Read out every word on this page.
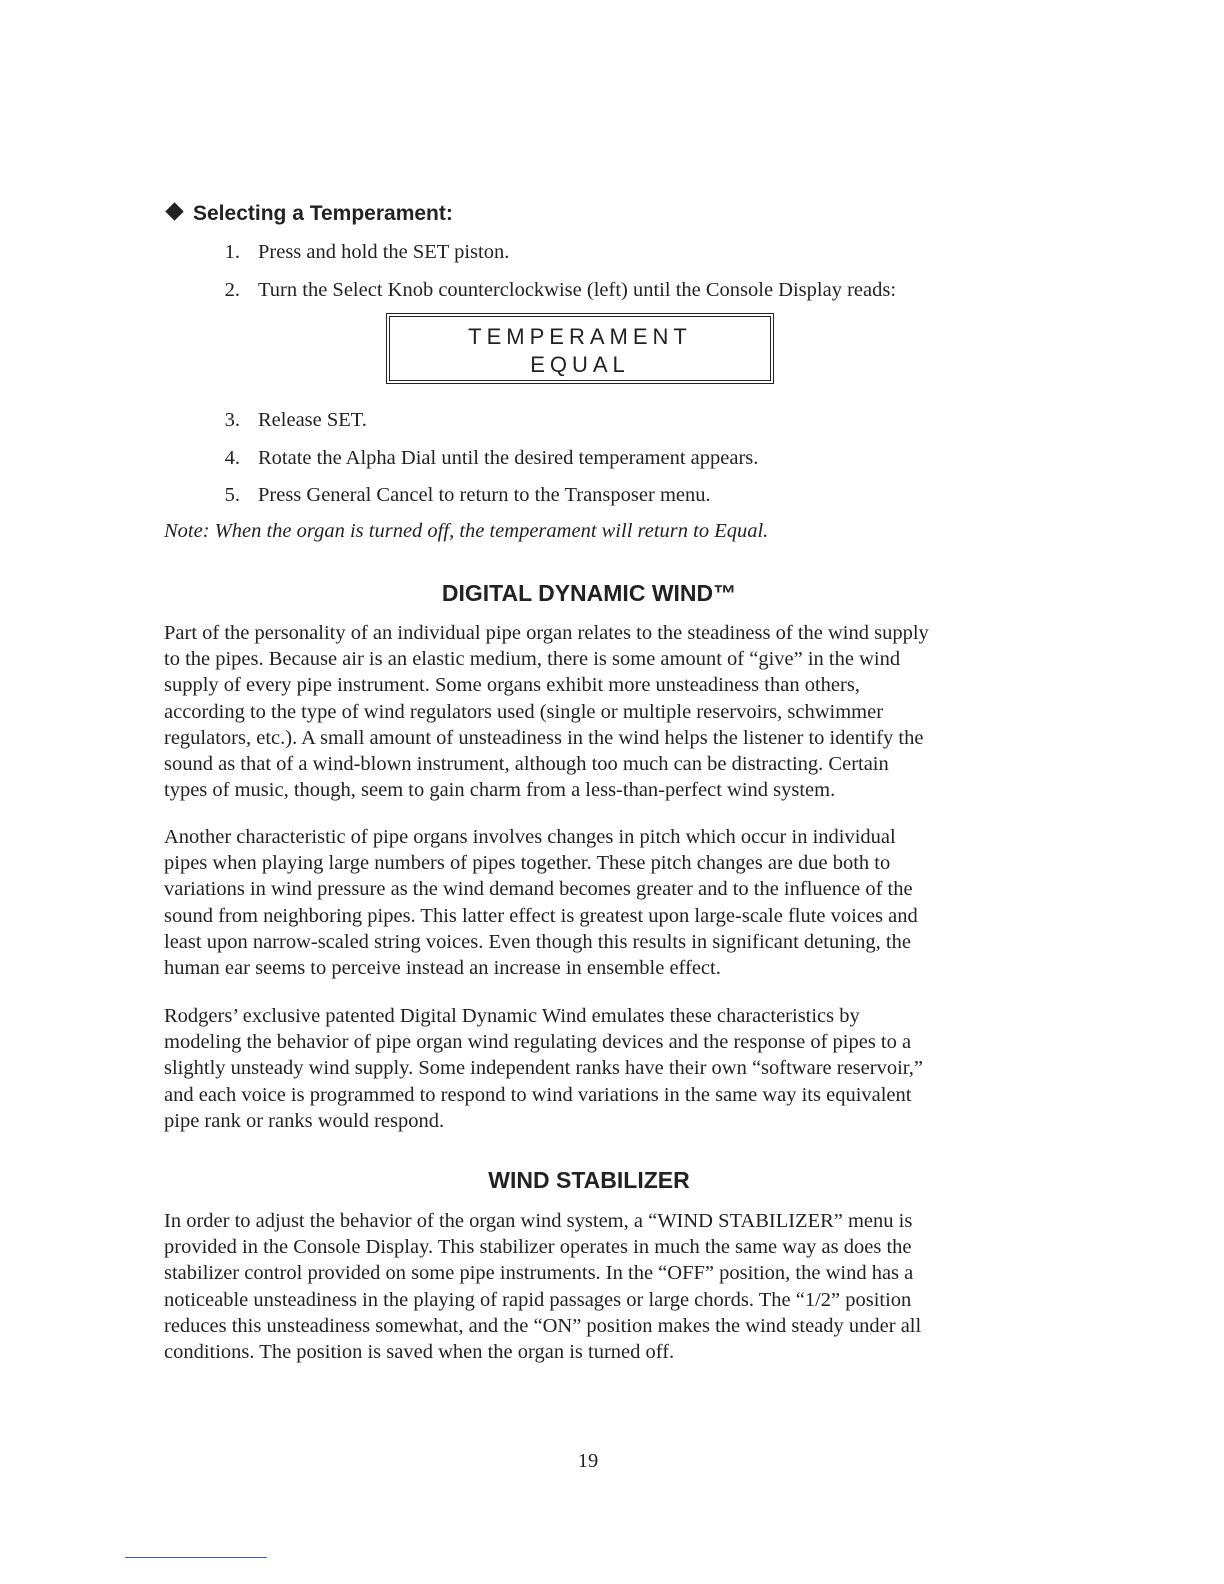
Selecting a Temperament:
1. Press and hold the SET piston.
2. Turn the Select Knob counterclockwise (left) until the Console Display reads:
TEMPERAMENT
EQUAL
3. Release SET.
4. Rotate the Alpha Dial until the desired temperament appears.
5. Press General Cancel to return to the Transposer menu.
Note: When the organ is turned off, the temperament will return to Equal.
DIGITAL DYNAMIC WIND™
Part of the personality of an individual pipe organ relates to the steadiness of the wind supply
to the pipes. Because air is an elastic medium, there is some amount of “give” in the wind
supply of every pipe instrument. Some organs exhibit more unsteadiness than others,
according to the type of wind regulators used (single or multiple reservoirs, schwimmer
regulators, etc.). A small amount of unsteadiness in the wind helps the listener to identify the
sound as that of a wind-blown instrument, although too much can be distracting. Certain
types of music, though, seem to gain charm from a less-than-perfect wind system.
Another characteristic of pipe organs involves changes in pitch which occur in individual
pipes when playing large numbers of pipes together. These pitch changes are due both to
variations in wind pressure as the wind demand becomes greater and to the influence of the
sound from neighboring pipes. This latter effect is greatest upon large-scale flute voices and
least upon narrow-scaled string voices. Even though this results in significant detuning, the
human ear seems to perceive instead an increase in ensemble effect.
Rodgers’ exclusive patented Digital Dynamic Wind emulates these characteristics by
modeling the behavior of pipe organ wind regulating devices and the response of pipes to a
slightly unsteady wind supply. Some independent ranks have their own “software reservoir,”
and each voice is programmed to respond to wind variations in the same way its equivalent
pipe rank or ranks would respond.
WIND STABILIZER
In order to adjust the behavior of the organ wind system, a “WIND STABILIZER” menu is
provided in the Console Display. This stabilizer operates in much the same way as does the
stabilizer control provided on some pipe instruments. In the “OFF” position, the wind has a
noticeable unsteadiness in the playing of rapid passages or large chords. The “1/2” position
reduces this unsteadiness somewhat, and the “ON” position makes the wind steady under all
conditions. The position is saved when the organ is turned off.
19
